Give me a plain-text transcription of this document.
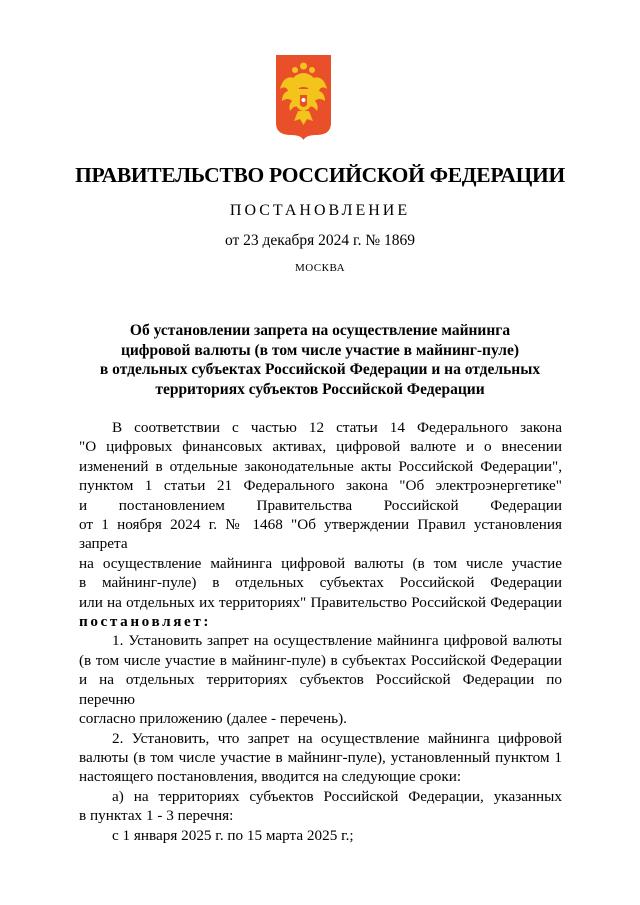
ПРАВИТЕЛЬСТВО РОССИЙСКОЙ ФЕДЕРАЦИИ
ПОСТАНОВЛЕНИЕ
от 23 декабря 2024 г. № 1869
МОСКВА
Об установлении запрета на осуществление майнинга
цифровой валюты (в том числе участие в майнинг-пуле)
в отдельных субъектах Российской Федерации и на отдельных
территориях субъектов Российской Федерации
В соответствии с частью 12 статьи 14 Федерального закона
"О цифровых финансовых активах, цифровой валюте и о внесении
изменений в отдельные законодательные акты Российской Федерации",
пунктом 1 статьи 21 Федерального закона "Об электроэнергетике"
и постановлением Правительства Российской Федерации
от 1 ноября 2024 г. № 1468 "Об утверждении Правил установления запрета
на осуществление майнинга цифровой валюты (в том числе участие
в майнинг-пуле) в отдельных субъектах Российской Федерации
или на отдельных их территориях" Правительство Российской Федерации
постановляет:
1. Установить запрет на осуществление майнинга цифровой валюты
(в том числе участие в майнинг-пуле) в субъектах Российской Федерации
и на отдельных территориях субъектов Российской Федерации по перечню
согласно приложению (далее - перечень).
2. Установить, что запрет на осуществление майнинга цифровой
валюты (в том числе участие в майнинг-пуле), установленный пунктом 1
настоящего постановления, вводится на следующие сроки:
а) на территориях субъектов Российской Федерации, указанных
в пунктах 1 - 3 перечня:
с 1 января 2025 г. по 15 марта 2025 г.;
